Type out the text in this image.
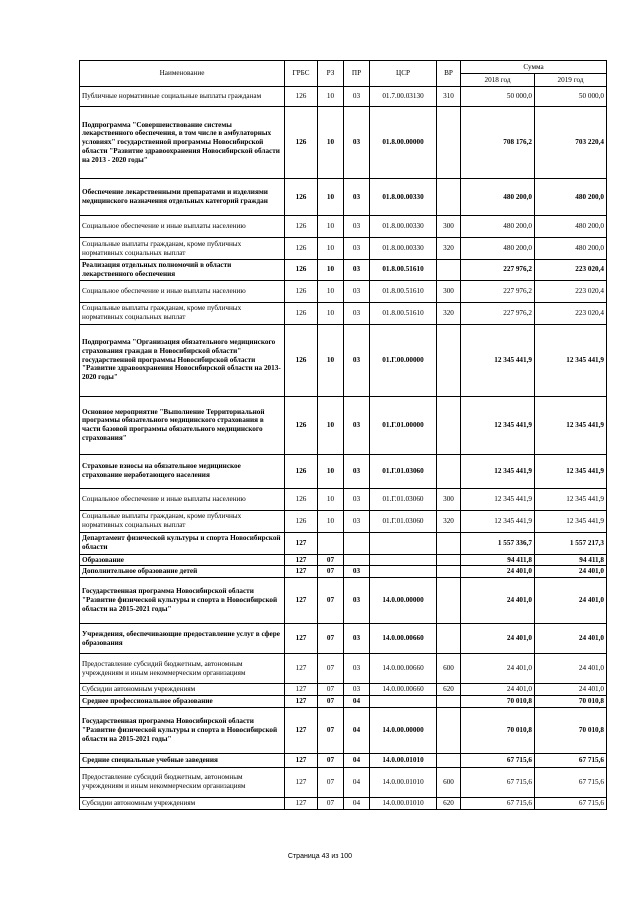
Наименование	ГРБС	РЗ	ПР	ЦСР	ВР	Сумма	
						2018 год	2019 год
Публичные нормативные социальные выплаты гражданам	126	10	03	01.7.00.03130	310	50 000,0	50 000,0
Подпрограмма "Совершенствование системы лекарственного обеспечения, в том числе в амбулаторных условиях" государственной программы Новосибирской области "Развитие здравоохранения Новосибирской области на 2013 - 2020 годы"	126	10	03	01.8.00.00000		708 176,2	703 220,4
Обеспечение лекарственными препаратами и изделиями медицинского назначения отдельных категорий граждан	126	10	03	01.8.00.00330		480 200,0	480 200,0
Социальное обеспечение и иные выплаты населению	126	10	03	01.8.00.00330	300	480 200,0	480 200,0
Социальные выплаты гражданам, кроме публичных нормативных социальных выплат	126	10	03	01.8.00.00330	320	480 200,0	480 200,0
Реализация отдельных полномочий в области лекарственного обеспечения	126	10	03	01.8.00.51610		227 976,2	223 020,4
Социальное обеспечение и иные выплаты населению	126	10	03	01.8.00.51610	300	227 976,2	223 020,4
Социальные выплаты гражданам, кроме публичных нормативных социальных выплат	126	10	03	01.8.00.51610	320	227 976,2	223 020,4
Подпрограмма "Организация обязательного медицинского страхования граждан в Новосибирской области" государственной программы Новосибирской области "Развитие здравоохранения Новосибирской области на 2013-2020 годы"	126	10	03	01.Г.00.00000		12 345 441,9	12 345 441,9
Основное мероприятие "Выполнение Территориальной программы обязательного медицинского страхования в части базовой программы обязательного медицинского страхования"	126	10	03	01.Г.01.00000		12 345 441,9	12 345 441,9
Страховые взносы на обязательное медицинское страхование неработающего населения	126	10	03	01.Г.01.03060		12 345 441,9	12 345 441,9
Социальное обеспечение и иные выплаты населению	126	10	03	01.Г.01.03060	300	12 345 441,9	12 345 441,9
Социальные выплаты гражданам, кроме публичных нормативных социальных выплат	126	10	03	01.Г.01.03060	320	12 345 441,9	12 345 441,9
Департамент физической культуры и спорта Новосибирской области	127					1 557 336,7	1 557 217,3
Образование	127	07				94 411,8	94 411,8
Дополнительное образование детей	127	07	03			24 401,0	24 401,0
Государственная программа Новосибирской области "Развитие физической культуры и спорта в Новосибирской области на 2015-2021 годы"	127	07	03	14.0.00.00000		24 401,0	24 401,0
Учреждения, обеспечивающие предоставление услуг в сфере образования	127	07	03	14.0.00.00660		24 401,0	24 401,0
Предоставление субсидий бюджетным, автономным учреждениям и иным некоммерческим организациям	127	07	03	14.0.00.00660	600	24 401,0	24 401,0
Субсидии автономным учреждениям	127	07	03	14.0.00.00660	620	24 401,0	24 401,0
Среднее профессиональное образование	127	07	04			70 010,8	70 010,8
Государственная программа Новосибирской области "Развитие физической культуры и спорта в Новосибирской области на 2015-2021 годы"	127	07	04	14.0.00.00000		70 010,8	70 010,8
Средние специальные учебные заведения	127	07	04	14.0.00.01010		67 715,6	67 715,6
Предоставление субсидий бюджетным, автономным учреждениям и иным некоммерческим организациям	127	07	04	14.0.00.01010	600	67 715,6	67 715,6
Субсидии автономным учреждениям	127	07	04	14.0.00.01010	620	67 715,6	67 715,6
Страница 43 из 100
